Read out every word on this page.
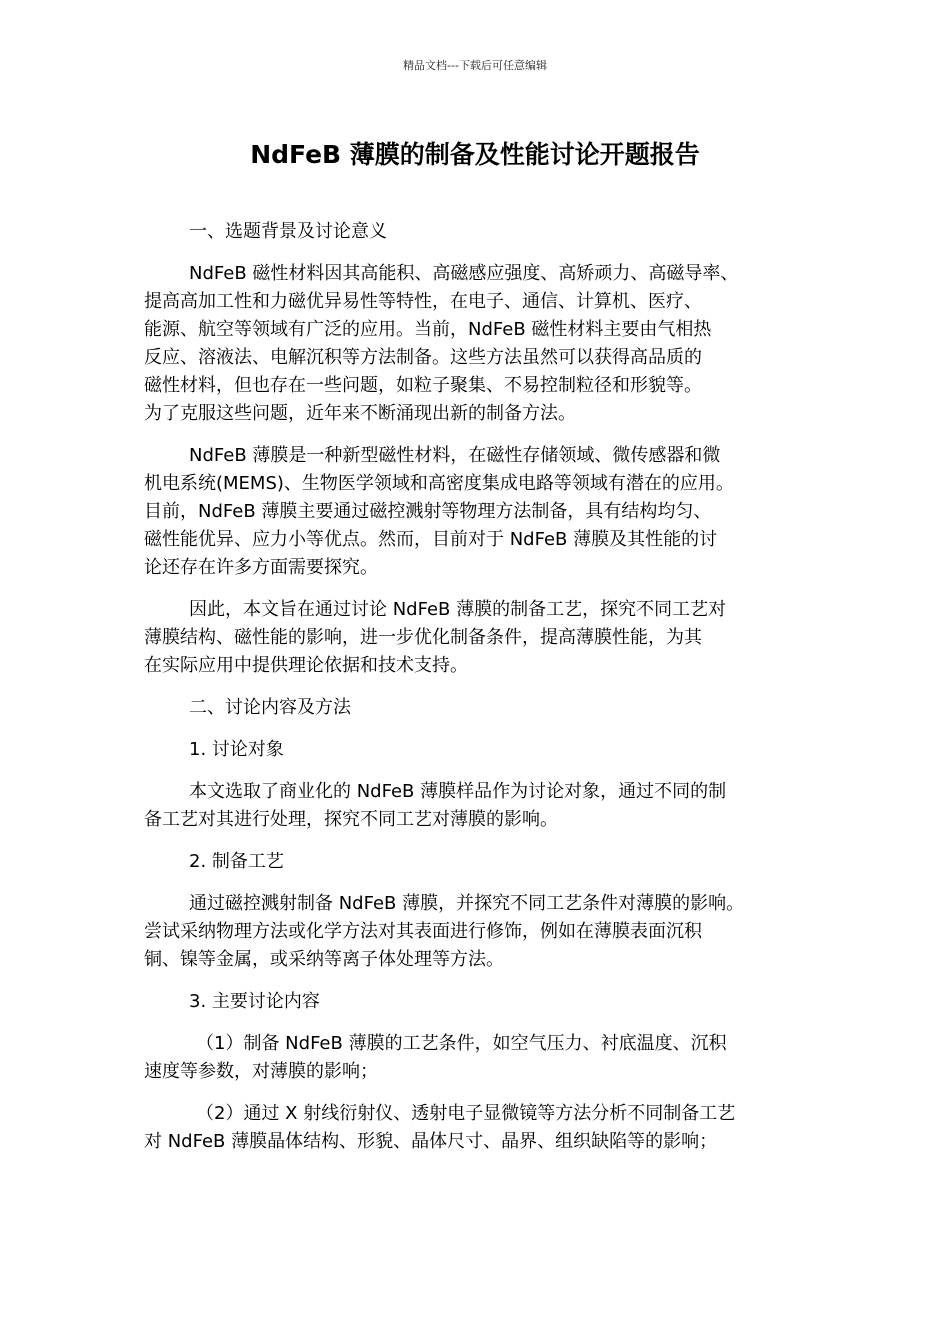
精品文档---下载后可任意编辑
NdFeB 薄膜的制备及性能讨论开题报告

一、选题背景及讨论意义

NdFeB 磁性材料因其高能积、高磁感应强度、高矫顽力、高磁导率、
提高高加工性和力磁优异易性等特性，在电子、通信、计算机、医疗、
能源、航空等领域有广泛的应用。当前，NdFeB 磁性材料主要由气相热
反应、溶液法、电解沉积等方法制备。这些方法虽然可以获得高品质的
磁性材料，但也存在一些问题，如粒子聚集、不易控制粒径和形貌等。
为了克服这些问题，近年来不断涌现出新的制备方法。

NdFeB 薄膜是一种新型磁性材料，在磁性存储领域、微传感器和微
机电系统(MEMS)、生物医学领域和高密度集成电路等领域有潜在的应用。
目前，NdFeB 薄膜主要通过磁控溅射等物理方法制备，具有结构均匀、
磁性能优异、应力小等优点。然而，目前对于 NdFeB 薄膜及其性能的讨
论还存在许多方面需要探究。

因此，本文旨在通过讨论 NdFeB 薄膜的制备工艺，探究不同工艺对
薄膜结构、磁性能的影响，进一步优化制备条件，提高薄膜性能，为其
在实际应用中提供理论依据和技术支持。

二、讨论内容及方法

1. 讨论对象

本文选取了商业化的 NdFeB 薄膜样品作为讨论对象，通过不同的制
备工艺对其进行处理，探究不同工艺对薄膜的影响。

2. 制备工艺

通过磁控溅射制备 NdFeB 薄膜，并探究不同工艺条件对薄膜的影响。
尝试采纳物理方法或化学方法对其表面进行修饰，例如在薄膜表面沉积
铜、镍等金属，或采纳等离子体处理等方法。

3. 主要讨论内容

（1）制备 NdFeB 薄膜的工艺条件，如空气压力、衬底温度、沉积
速度等参数，对薄膜的影响；

（2）通过 X 射线衍射仪、透射电子显微镜等方法分析不同制备工艺
对 NdFeB 薄膜晶体结构、形貌、晶体尺寸、晶界、组织缺陷等的影响；
